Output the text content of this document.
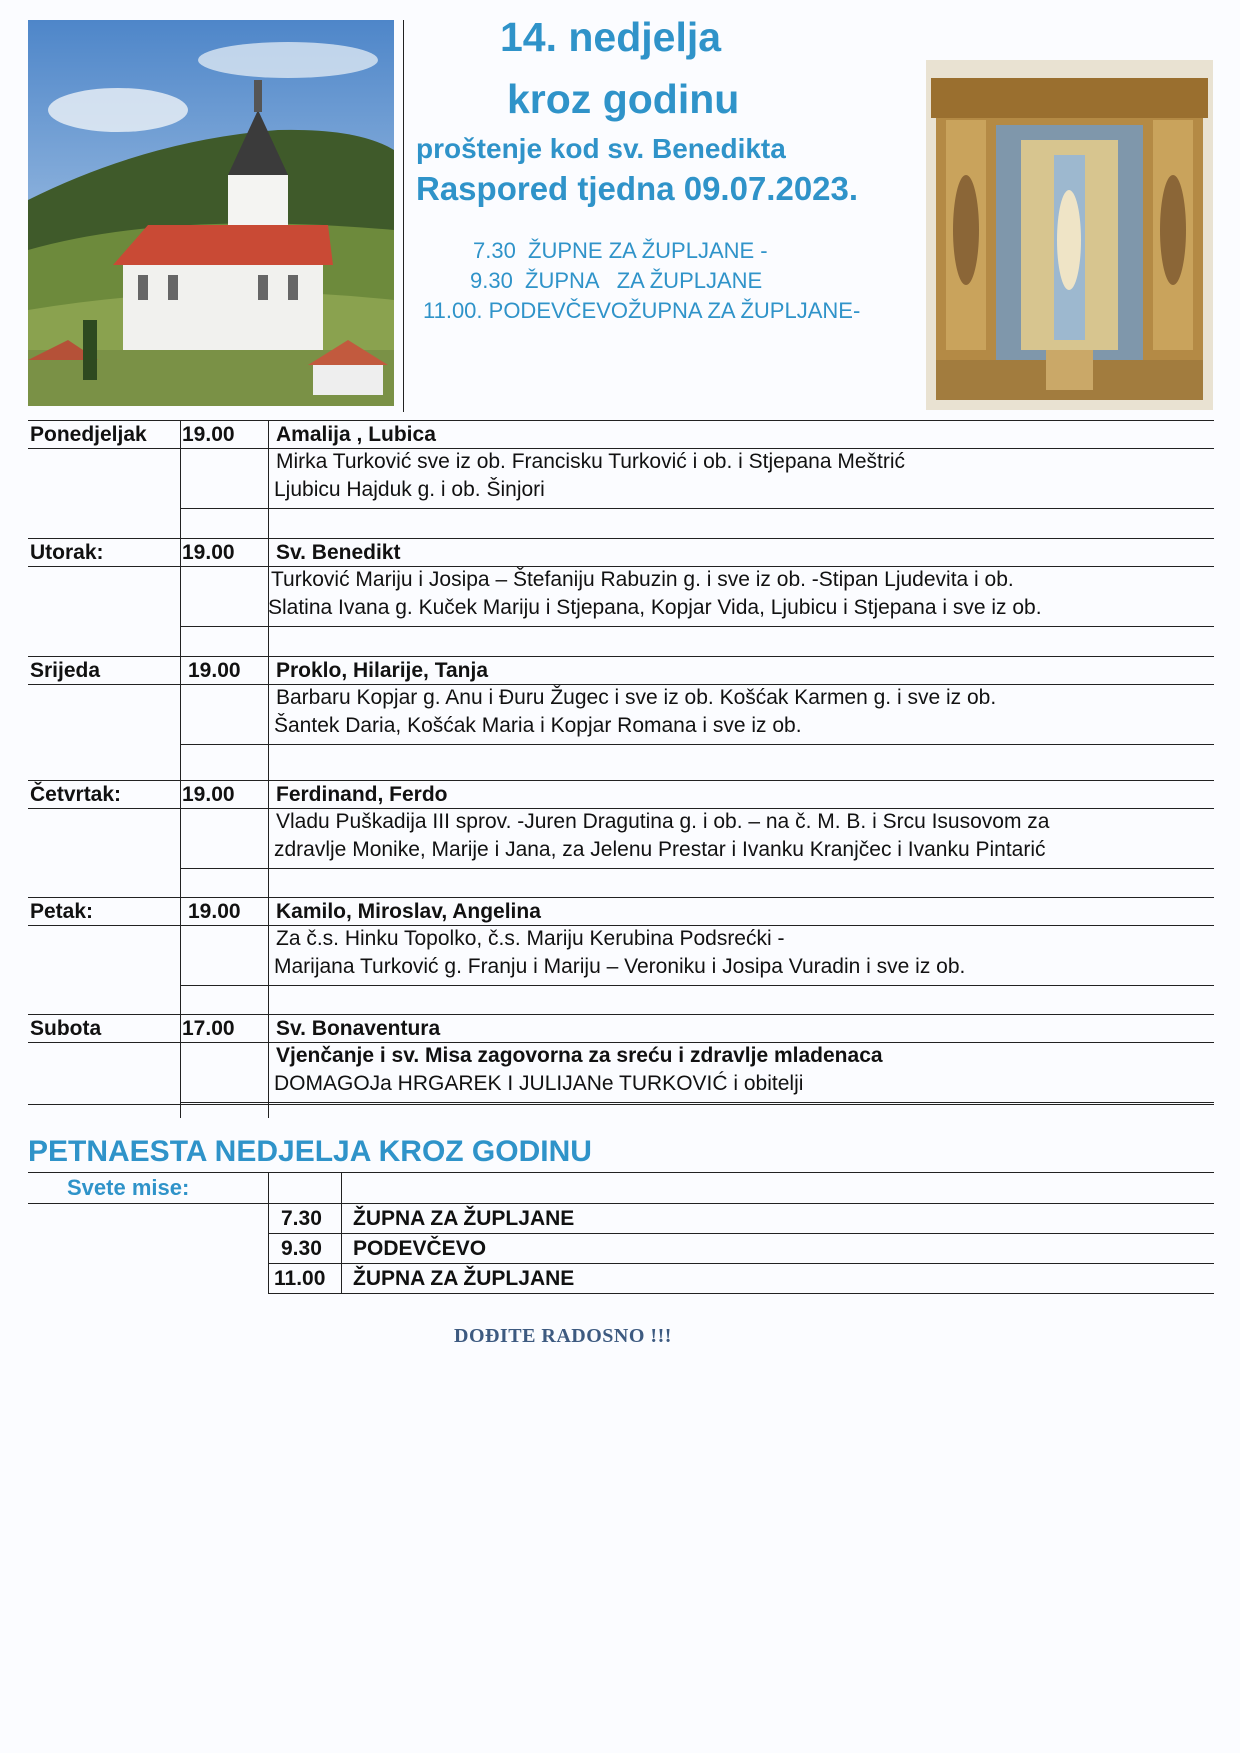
14. nedjelja
kroz godinu
proštenje kod sv. Benedikta
Raspored tjedna 09.07.2023.
7.30  ŽUPNE ZA ŽUPLJANE -
9.30  ŽUPNA   ZA ŽUPLJANE
11.00. PODEVČEVOŽUPNA ZA ŽUPLJANE-
Ponedjeljak 19.00 Amalija , Lubica
Mirka Turković sve iz ob. Francisku Turković i ob. i Stjepana Meštrić
Ljubicu Hajduk g. i ob. Šinjori
Utorak:	19.00 Sv. Benedikt
Turković Mariju i Josipa – Štefaniju Rabuzin g. i sve iz ob. -Stipan Ljudevita i ob.
Slatina Ivana g. Kuček Mariju i Stjepana, Kopjar Vida, Ljubicu i Stjepana i sve iz ob.
Srijeda	19.00 Proklo, Hilarije, Tanja
Barbaru Kopjar g. Anu i Đuru Žugec i sve iz ob. Košćak Karmen g. i sve iz ob.
Šantek Daria, Košćak Maria i Kopjar Romana i sve iz ob.
Četvrtak:	19.00 Ferdinand, Ferdo
Vladu Puškadija III sprov. -Juren Dragutina g. i ob. – na č. M. B. i Srcu Isusovom za
zdravlje Monike, Marije i Jana, za Jelenu Prestar i Ivanku Kranjčec i Ivanku Pintarić
Petak:	19.00 Kamilo, Miroslav, Angelina
Za č.s. Hinku Topolko, č.s. Mariju Kerubina Podsrećki -
Marijana Turković g. Franju i Mariju – Veroniku i Josipa Vuradin i sve iz ob.
Subota	17.00 Sv. Bonaventura
Vjenčanje i sv. Misa zagovorna za sreću i zdravlje mladenaca
DOMAGOJa HRGAREK I JULIJANe TURKOVIĆ i obitelji
PETNAESTA NEDJELJA KROZ GODINU
Svete mise:
7.30 ŽUPNA ZA ŽUPLJANE
9.30 PODEVČEVO
11.00 ŽUPNA ZA ŽUPLJANE
DOĐITE RADOSNO !!!
